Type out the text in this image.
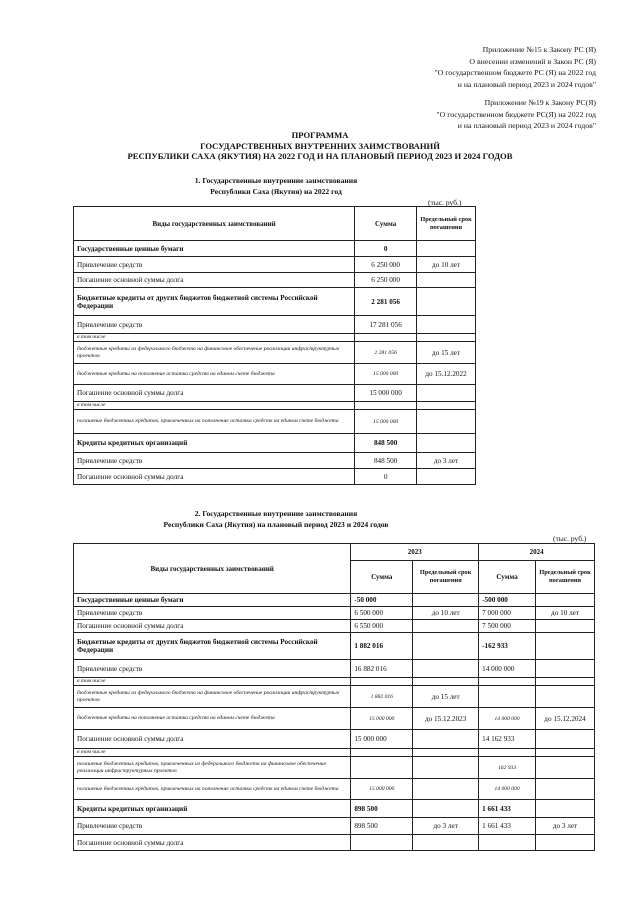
Приложение №15 к Закону РС (Я)
О внесении изменений в Закон РС (Я)
"О государственном бюджете РС (Я) на 2022 год
и на плановый период 2023 и 2024 годов"
Приложение №19 к Закону РС(Я)
"О государственном бюджете РС(Я) на 2022 год
и на плановый период 2023 и 2024 годов"
ПРОГРАММА
ГОСУДАРСТВЕННЫХ ВНУТРЕННИХ ЗАИМСТВОВАНИЙ
РЕСПУБЛИКИ САХА (ЯКУТИЯ) НА 2022 ГОД И НА ПЛАНОВЫЙ ПЕРИОД 2023 И 2024 ГОДОВ
1. Государственные внутренние заимствования
Республики Саха (Якутия) на 2022 год
(тыс. руб.)
Виды государственных заимствований	Сумма	Предельный срок погашения
Государственные ценные бумаги	0	
Привлечение средств	6 250 000	до 10 лет
Погашение основной суммы долга	6 250 000	
Бюджетные кредиты от других бюджетов бюджетной системы Российской Федерации	2 281 056	
Привлечение средств	17 281 056	
в том числе		
бюджетные кредиты из федерального бюджета на финансовое обеспечение реализации инфраструктурных проектов	2 281 056	до 15 лет
бюджетные кредиты на пополнение остатка средств на едином счете бюджета	15 000 000	до 15.12.2022
Погашение основной суммы долга	15 000 000	
в том числе		
погашение бюджетных кредитов, привлеченных на пополнение остатка средств на едином счете бюджета	15 000 000	
Кредиты кредитных организаций	848 500	
Привлечение средств	848 500	до 3 лет
Погашение основной суммы долга	0	
2. Государственные внутренние заимствования
Республики Саха (Якутия) на плановый период 2023 и 2024 годов
(тыс. руб.)
Виды государственных заимствований	2023		2024	
	Сумма	Предельный срок погашения	Сумма	Предельный срок погашения
Государственные ценные бумаги	-50 000		-500 000	
Привлечение средств	6 500 000	до 10 лет	7 000 000	до 10 лет
Погашение основной суммы долга	6 550 000		7 500 000	
Бюджетные кредиты от других бюджетов бюджетной системы Российской Федерации	1 882 016		-162 933	
Привлечение средств	16 882 016		14 000 000	
в том числе				
бюджетные кредиты из федерального бюджета на финансовое обеспечение реализации инфраструктурных проектов	1 882 016	до 15 лет		
бюджетные кредиты на пополнение остатка средств на едином счете бюджета	15 000 000	до 15.12.2023	14 000 000	до 15.12.2024
Погашение основной суммы долга	15 000 000		14 162 933	
в том числе				
погашение бюджетных кредитов, привлеченных из федерального бюджета на финансовое обеспечение реализации инфраструктурных проектов			162 933	
погашение бюджетных кредитов, привлеченных на пополнение остатка средств на едином счете бюджета	15 000 000		14 000 000	
Кредиты кредитных организаций	898 500		1 661 433	
Привлечение средств	898 500	до 3 лет	1 661 433	до 3 лет
Погашение основной суммы долга				
